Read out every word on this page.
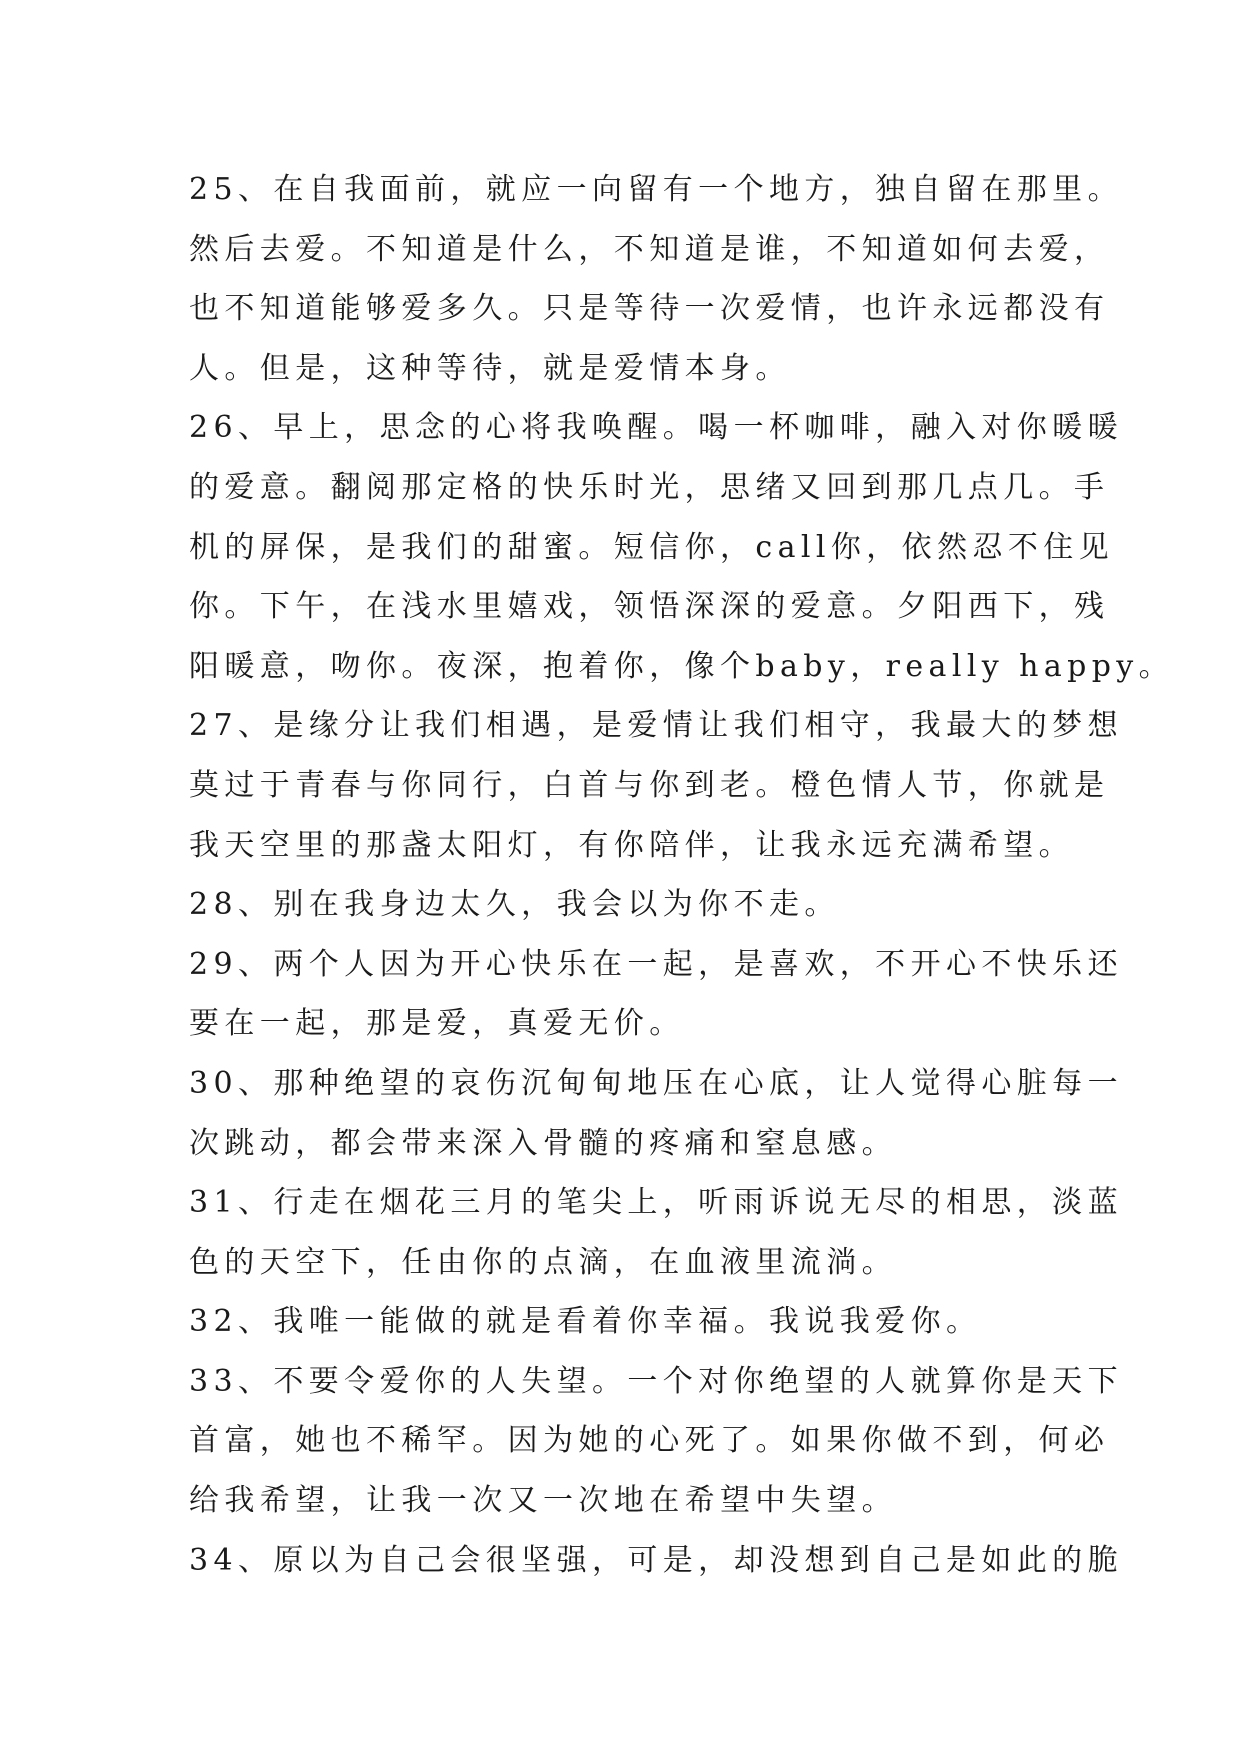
25、在自我面前，就应一向留有一个地方，独自留在那里。
然后去爱。不知道是什么，不知道是谁，不知道如何去爱，
也不知道能够爱多久。只是等待一次爱情，也许永远都没有
人。但是，这种等待，就是爱情本身。
26、早上，思念的心将我唤醒。喝一杯咖啡，融入对你暖暖
的爱意。翻阅那定格的快乐时光，思绪又回到那几点几。手
机的屏保，是我们的甜蜜。短信你，call你，依然忍不住见
你。下午，在浅水里嬉戏，领悟深深的爱意。夕阳西下，残
阳暖意，吻你。夜深，抱着你，像个baby，really happy。
27、是缘分让我们相遇，是爱情让我们相守，我最大的梦想
莫过于青春与你同行，白首与你到老。橙色情人节，你就是
我天空里的那盏太阳灯，有你陪伴，让我永远充满希望。
28、别在我身边太久，我会以为你不走。
29、两个人因为开心快乐在一起，是喜欢，不开心不快乐还
要在一起，那是爱，真爱无价。
30、那种绝望的哀伤沉甸甸地压在心底，让人觉得心脏每一
次跳动，都会带来深入骨髓的疼痛和窒息感。
31、行走在烟花三月的笔尖上，听雨诉说无尽的相思，淡蓝
色的天空下，任由你的点滴，在血液里流淌。
32、我唯一能做的就是看着你幸福。我说我爱你。
33、不要令爱你的人失望。一个对你绝望的人就算你是天下
首富，她也不稀罕。因为她的心死了。如果你做不到，何必
给我希望，让我一次又一次地在希望中失望。
34、原以为自己会很坚强，可是，却没想到自己是如此的脆
